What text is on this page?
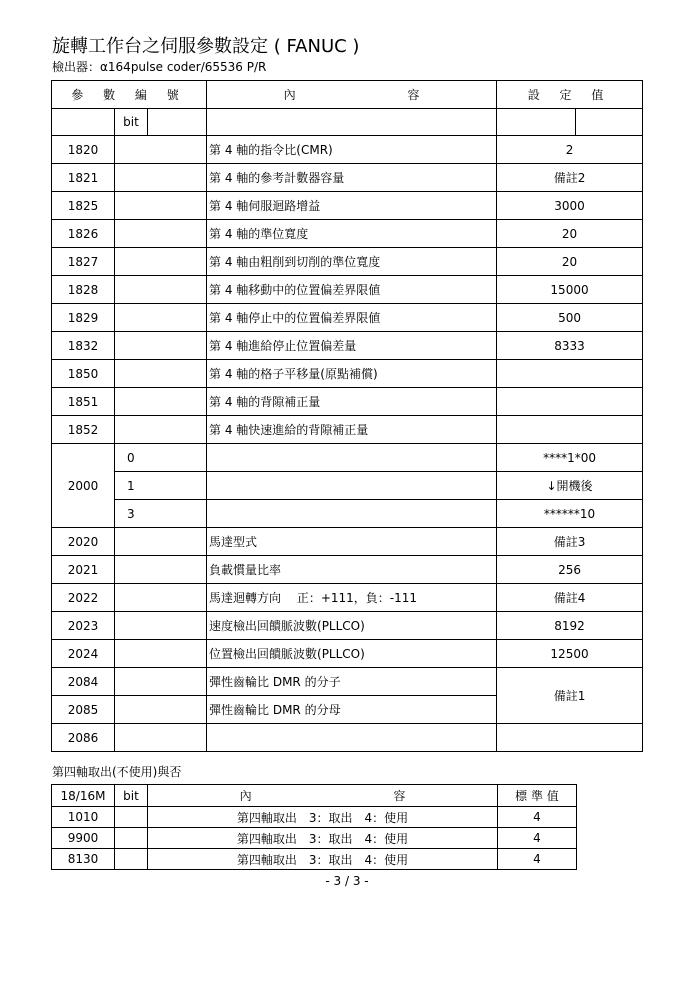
旋轉工作台之伺服參數設定 ( FANUC )
檢出器：α164pulse coder/65536 P/R
參 數 編 號			內 容	設 定 值	
	bit				
1820			第 4 軸的指令比(CMR)	2	
1821			第 4 軸的參考計數器容量	備註2	
1825			第 4 軸伺服迴路增益	3000	
1826			第 4 軸的準位寬度	20	
1827			第 4 軸由粗削到切削的準位寬度	20	
1828			第 4 軸移動中的位置偏差界限値	15000	
1829			第 4 軸停止中的位置偏差界限値	500	
1832			第 4 軸進給停止位置偏差量	8333	
1850			第 4 軸的格子平移量(原點補償)		
1851			第 4 軸的背隙補正量		
1852			第 4 軸快速進給的背隙補正量		
2000	0			****1*00	
	1			↓開機後	
	3			******10	
2020			馬達型式	備註3	
2021			負載慣量比率	256	
2022			馬達迴轉方向　 正：+111，負：-111	備註4	
2023			速度檢出回饋脈波數(PLLCO)	8192	
2024			位置檢出回饋脈波數(PLLCO)	12500	
2084			彈性齒輪比 DMR 的分子	備註1	
2085			彈性齒輪比 DMR 的分母		
2086					
第四軸取出(不使用)與否
18/16M	bit	內 容	標 準 值
1010		第四軸取出　3：取出　4：使用	4
9900		第四軸取出　3：取出　4：使用	4
8130		第四軸取出　3：取出　4：使用	4
- 3 / 3 -
